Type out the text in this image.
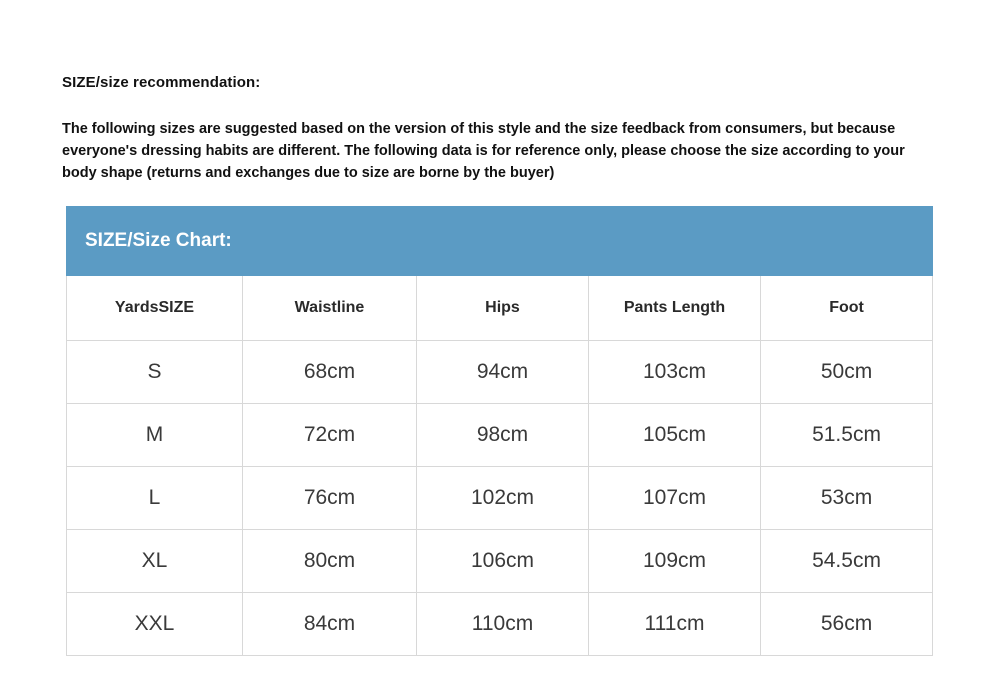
SIZE/size recommendation:
The following sizes are suggested based on the version of this style and the size feedback from consumers, but because everyone's dressing habits are different. The following data is for reference only, please choose the size according to your body shape (returns and exchanges due to size are borne by the buyer)
SIZE/Size Chart:				
YardsSIZE	Waistline	Hips	Pants Length	Foot
S	68cm	94cm	103cm	50cm
M	72cm	98cm	105cm	51.5cm
L	76cm	102cm	107cm	53cm
XL	80cm	106cm	109cm	54.5cm
XXL	84cm	110cm	111cm	56cm
